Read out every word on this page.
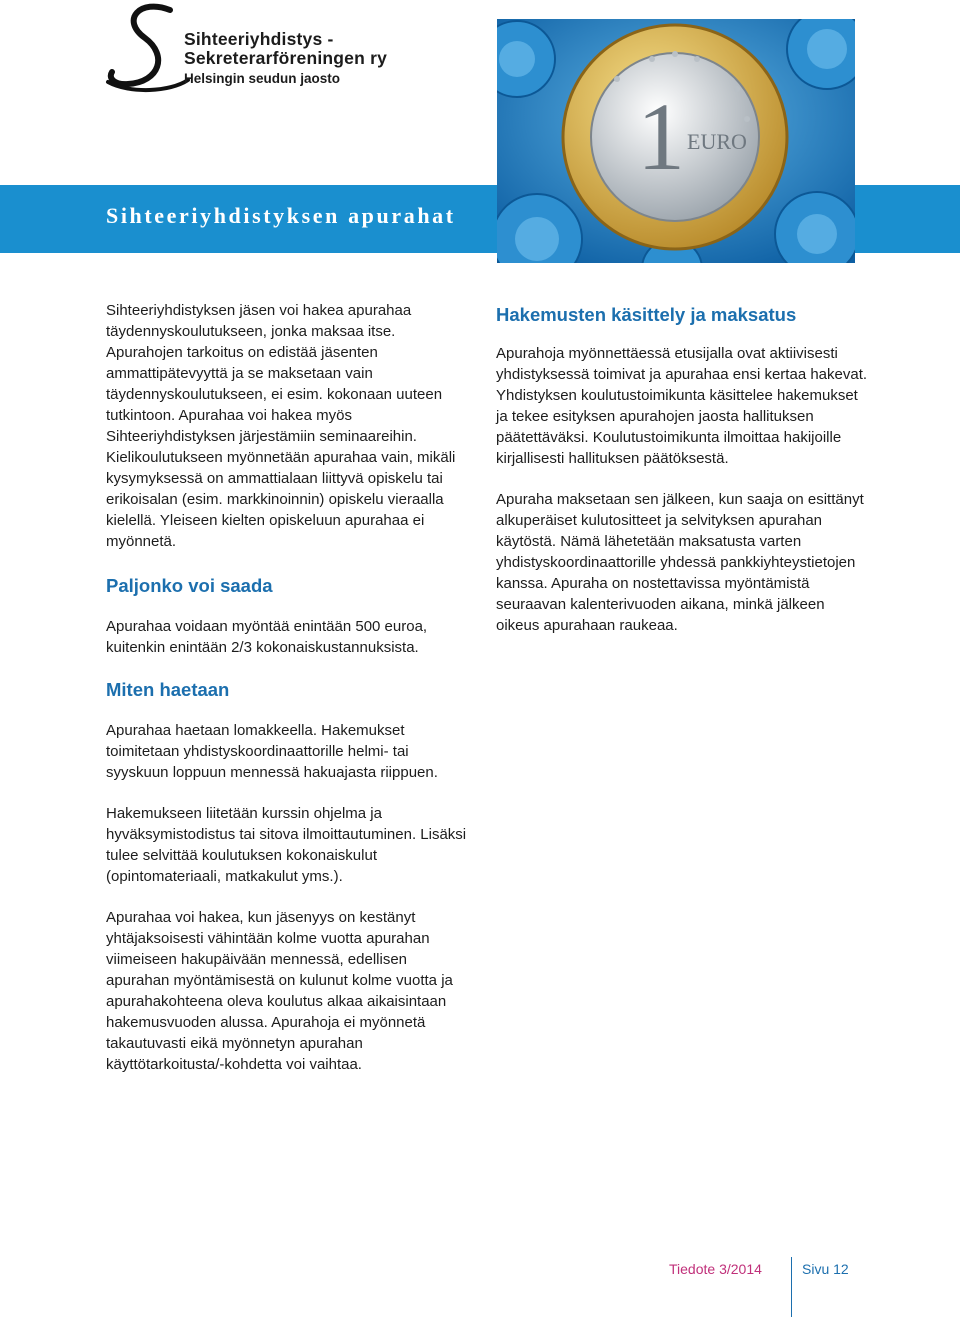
Sihteeriyhdistys -
Sekreterarföreningen ry
Helsingin seudun jaosto
Sihteeriyhdistyksen apurahat
1 EURO

Sihteeriyhdistyksen jäsen voi hakea apurahaa täydennyskoulutukseen, jonka maksaa itse. Apurahojen tarkoitus on edistää jäsenten ammattipätevyyttä ja se maksetaan vain täydennyskoulutukseen, ei esim. kokonaan uuteen tutkintoon. Apurahaa voi hakea myös Sihteeriyhdistyksen järjestämiin seminaareihin. Kielikoulutukseen myönnetään apurahaa vain, mikäli kysymyksessä on ammattialaan liittyvä opiskelu tai erikoisalan (esim. markkinoinnin) opiskelu vieraalla kielellä. Yleiseen kielten opiskeluun apurahaa ei myönnetä.

Paljonko voi saada

Apurahaa voidaan myöntää enintään 500 euroa, kuitenkin enintään 2/3 kokonaiskustannuksista.

Miten haetaan

Apurahaa haetaan lomakkeella. Hakemukset toimitetaan yhdistyskoordinaattorille helmi- tai syyskuun loppuun mennessä hakuajasta riippuen.

Hakemukseen liitetään kurssin ohjelma ja hyväksymistodistus tai sitova ilmoittautuminen. Lisäksi tulee selvittää koulutuksen kokonaiskulut (opintomateriaali, matkakulut yms.).

Apurahaa voi hakea, kun jäsenyys on kestänyt yhtäjaksoisesti vähintään kolme vuotta apurahan viimeiseen hakupäivään mennessä, edellisen apurahan myöntämisestä on kulunut kolme vuotta ja apurahakohteena oleva koulutus alkaa aikaisintaan hakemusvuoden alussa. Apurahoja ei myönnetä takautuvasti eikä myönnetyn apurahan käyttötarkoitusta/-kohdetta voi vaihtaa.

Hakemusten käsittely ja maksatus

Apurahoja myönnettäessä etusijalla ovat aktiivisesti yhdistyksessä toimivat ja apurahaa ensi kertaa hakevat. Yhdistyksen koulutustoimikunta käsittelee hakemukset ja tekee esityksen apurahojen jaosta hallituksen päätettäväksi. Koulutustoimikunta ilmoittaa hakijoille kirjallisesti hallituksen päätöksestä.

Apuraha maksetaan sen jälkeen, kun saaja on esittänyt alkuperäiset kulutositteet ja selvityksen apurahan käytöstä. Nämä lähetetään maksatusta varten yhdistyskoordinaattorille yhdessä pankkiyhteystietojen kanssa. Apuraha on nostettavissa myöntämistä seuraavan kalenterivuoden aikana, minkä jälkeen oikeus apurahaan raukeaa.

Tiedote 3/2014	Sivu 12
